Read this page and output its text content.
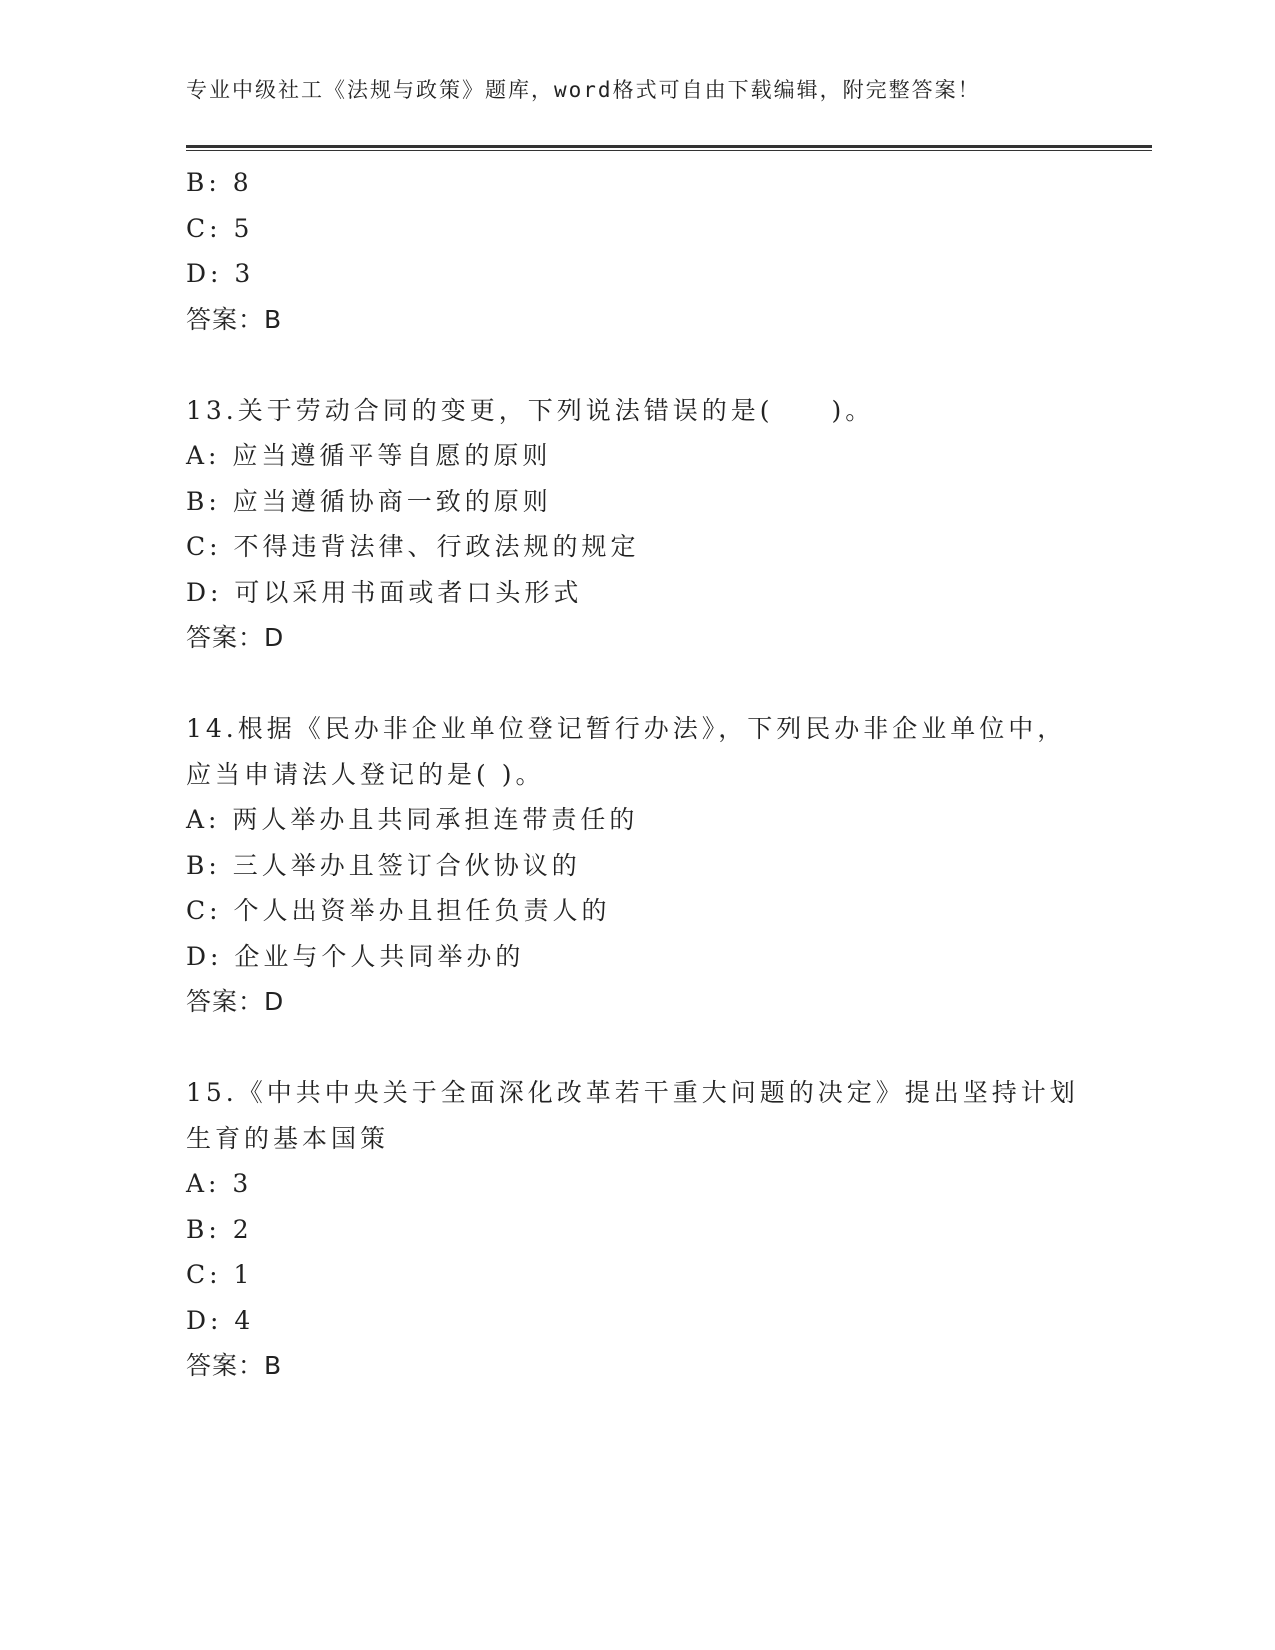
专业中级社工《法规与政策》题库，word格式可自由下载编辑，附完整答案！
B: 8
C: 5
D: 3
答案：B
13.关于劳动合同的变更，下列说法错误的是(　　)。
A: 应当遵循平等自愿的原则
B: 应当遵循协商一致的原则
C: 不得违背法律、行政法规的规定
D: 可以采用书面或者口头形式
答案：D
14.根据《民办非企业单位登记暂行办法》，下列民办非企业单位中，
应当申请法人登记的是( )。
A: 两人举办且共同承担连带责任的
B: 三人举办且签订合伙协议的
C: 个人出资举办且担任负责人的
D: 企业与个人共同举办的
答案：D
15.《中共中央关于全面深化改革若干重大问题的决定》提出坚持计划
生育的基本国策
A: 3
B: 2
C: 1
D: 4
答案：B
